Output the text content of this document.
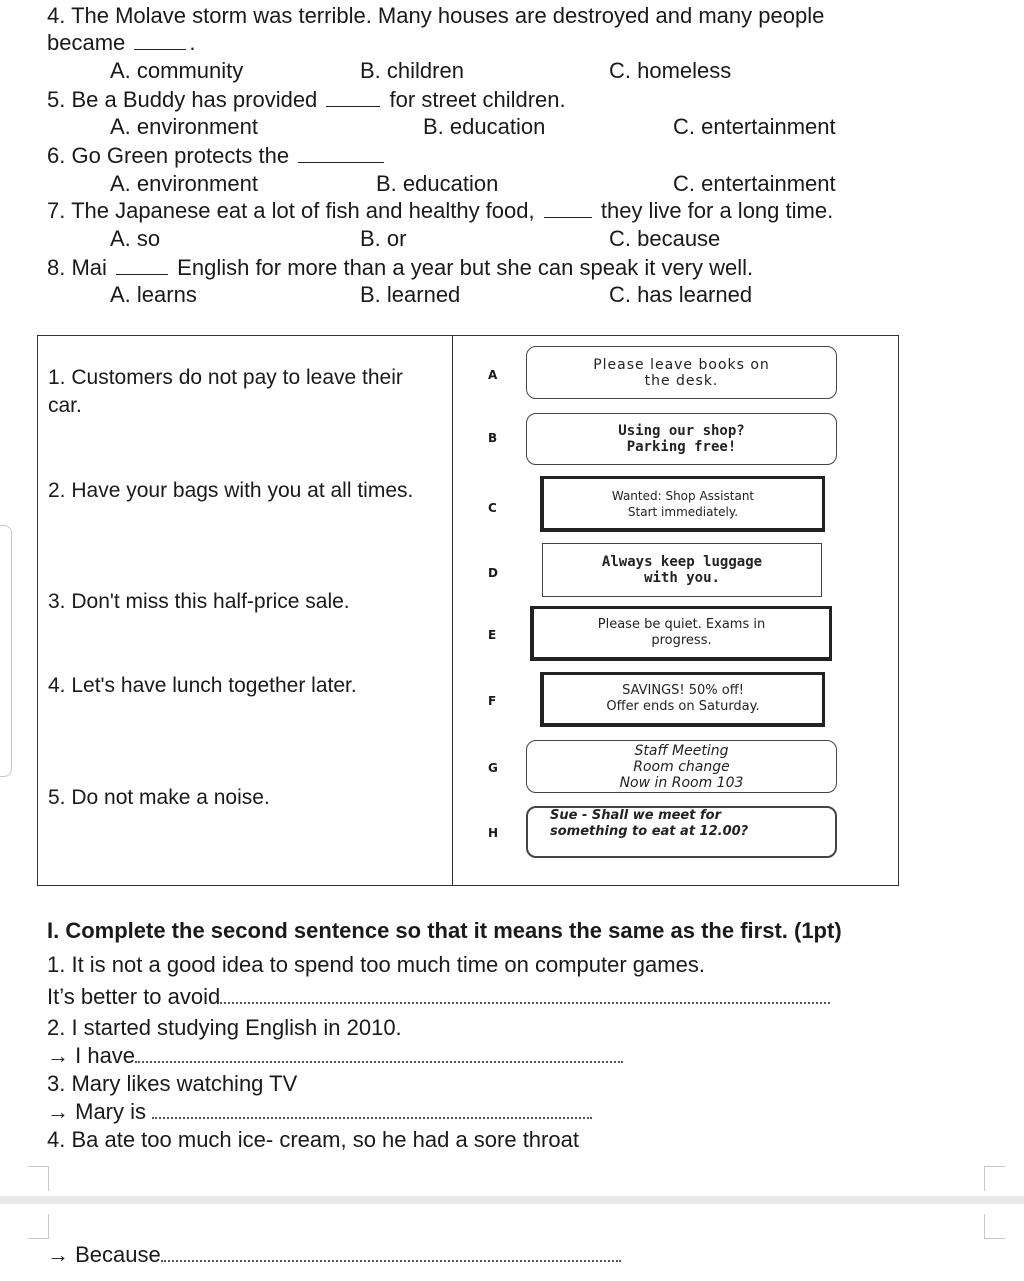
4. The Molave storm was terrible. Many houses are destroyed and many people
became	.
A. community	B. children	C. homeless
5. Be a Buddy has provided	for street children.
A. environment	B. education	C. entertainment
6. Go Green protects the
A. environment	B. education	C. entertainment
7. The Japanese eat a lot of fish and healthy food,	they live for a long time.
A. so	B. or	C. because
8. Mai	English for more than a year but she can speak it very well.
A. learns	B. learned	C. has learned
1. Customers do not pay to leave their car.
2. Have your bags with you at all times.
3. Don't miss this half-price sale.
4. Let's have lunch together later.
5. Do not make a noise.
A
Please leave books on
the desk.
B	Using our shop?
Parking free!
C
Wanted: Shop Assistant
Start immediately.
D
Always keep luggage
with you.
E
Please be quiet. Exams in
progress.
F
SAVINGS! 50% off!
Offer ends on Saturday.
G
Staff Meeting
Room change
Now in Room 103
H
Sue - Shall we meet for
something to eat at 12.00?
I. Complete the second sentence so that it means the same as the first. (1pt)
1. It is not a good idea to spend too much time on computer games.
It’s better to avoid
2. I started studying English in 2010.
→ I have
3. Mary likes watching TV
→ Mary is
4. Ba ate too much ice- cream, so he had a sore throat
→ Because
